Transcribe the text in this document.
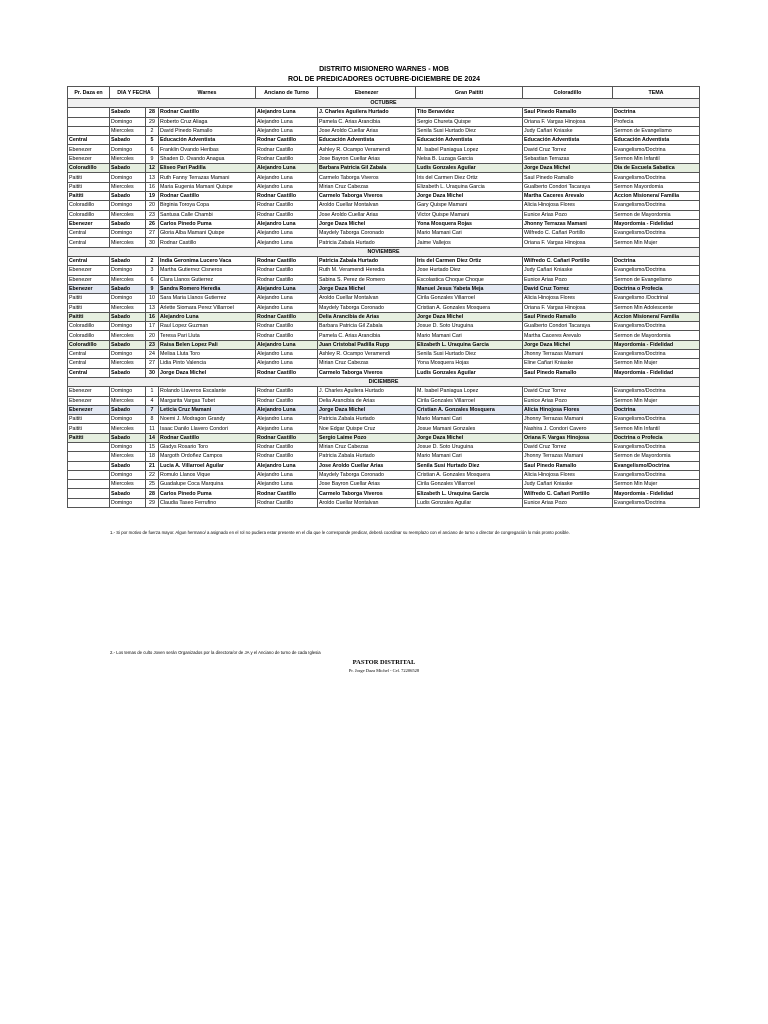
DISTRITO MISIONERO WARNES - MOB
ROL DE PREDICADORES OCTUBRE-DICIEMBRE DE 2024
Pr. Daza en	DIA Y FECHA		Warnes	Anciano de Turno	Ebenezer	Gran Paititi	Coloradillo	TEMA
OCTUBRE								
	Sabado	28	Rodnar Castillo	Alejandro Luna	J. Charles Aguilera Hurtado	Tito Benavidez	Saul Pinedo Ramallo	Doctrina
	Domingo	29	Roberto Cruz Aliaga	Alejandro Luna	Pamela C. Arias Arancibia	Sergio Chureta Quispe	Oriana F. Vargas Hinojosa	Profecia
	Miercoles	2	David Pinedo Ramallo	Alejandro Luna	Jose Aroldo Cuellar Arias	Senila Susi Hurtado Diez	Judy Cañari Kniaske	Sermon de Evangelismo
Central	Sabado	5	Educación Adventista	Rodnar Castillo	Educación Adventista	Educación Adventista	Educación Adventista	Educación Adventista
Ebenezer	Domingo	6	Franklin Ovando Heribas	Rodnar Castillo	Ashley R. Ocampo Veramendi	M. Isabel Paniagua Lopez	David Cruz Torrez	Evangelismo/Doctrina
Ebenezer	Miercoles	9	Shaden D. Ovando Anagua	Rodnar Castillo	Jose Bayron Cuellar Arias	Nelsa B. Luzaga Garcia	Sebastian Terrazas	Sermon Min Infantil
Coloradillo	Sabado	12	Eliseo Pari Padilla	Alejandro Luna	Barbara Patricia Gil Zabala	Ludis Gonzales Aguilar	Jorge Daza Michel	Dia de Escuela Sabatica
Paititi	Domingo	13	Ruth Fanny Terrazas Mamani	Alejandro Luna	Carmelo Taborga Viveros	Iris del Carmen Diez Ortiz	Saul Pinedo Ramallo	Evangelismo/Doctrina
Paititi	Miercoles	16	Maria Eugenia Mamani Quispe	Alejandro Luna	Mirian Cruz Cabezas	Elizabeth L. Uraquina Garcia	Gualberto Condori Tacaraya	Sermon Mayordomia
Paititi	Sabado	19	Rodnar Castillo	Rodnar Castillo	Carmelo Taborga Viveros	Jorge Daza Michel	Martha Caceres Arevalo	Accion Misionera/ Familia
Coloradillo	Domingo	20	Birginia Toroya Copa	Rodnar Castillo	Aroldo Cuellar Montalvan	Gary Quispe Mamani	Alicia Hinojosa Flores	Evangelismo/Doctrina
Coloradillo	Miercoles	23	Santusa Calle Chambi	Rodnar Castillo	Jose Aroldo Cuellar Arias	Victor Quispe Mamani	Eunice Arias Pozo	Sermon de Mayordomia
Ebenezer	Sabado	26	Carlos Pinedo Puma	Alejandro Luna	Jorge Daza Michel	Yona Mosquera Rojas	Jhonny Terrazas Mamani	Mayordomia - Fidelidad
Central	Domingo	27	Gloria Alba Mamani Quispe	Alejandro Luna	Maydely Taborga Coronado	Mario Mamani Cari	Wilfredo C. Cañari Portillo	Evangelismo/Doctrina
Central	Miercoles	30	Rodnar Castillo	Alejandro Luna	Patricia Zabala Hurtado	Jaime Vallejos	Oriana F. Vargas Hinojosa	Sermon Min Mujer
NOVIEMBRE								
Central	Sabado	2	India Geronima Lucero Vaca	Rodnar Castillo	Patricia Zabala Hurtado	Iris del Carmen Diez Ortiz	Wilfredo C. Cañari Portillo	Doctrina
Ebenezer	Domingo	3	Martha Gutierrez Cisneros	Rodnar Castillo	Ruth M. Veramendi Heredia	Jose Hurtado Diez	Judy Cañari Kniaske	Evangelismo/Doctrina
Ebenezer	Miercoles	6	Clara Llanos Gutierrez	Rodnar Castillo	Sabina S. Perez de Romero	Escolastica Choque Choque	Eunice Arias Pozo	Sermon de Evangelismo
Ebenezer	Sabado	9	Sandra Romero Heredia	Alejandro Luna	Jorge Daza Michel	Manuel Jesus Yabeta Meja	David Cruz Torrez	Doctrina o Profecia
Paititi	Domingo	10	Sara Maria Llanos Gutierrez	Alejandro Luna	Aroldo Cuellar Montalvan	Cirila Gonzales Villarroel	Alicia Hinojosa Flores	Evangelismo /Doctrinal
Paititi	Miercoles	13	Arlette Siomara Perez Villarroel	Alejandro Luna	Maydely Taborga Coronado	Cristian A. Gonzales Mosquera	Oriana F. Vargas Hinojosa	Sermon Min Adolescente
Paititi	Sabado	16	Alejandro Luna	Rodnar Castillo	Delia Arancibia de Arias	Jorge Daza Michel	Saul Pinedo Ramallo	Accion Misionera/ Familia
Coloradillo	Domingo	17	Raul Lopez Guzman	Rodnar Castillo	Barbara Patricia Gil Zabala	Josue D. Soto Uruguina	Gualberto Condori Tacaraya	Evangelismo/Doctrina
Coloradillo	Miercoles	20	Teresa Pari Lluta	Rodnar Castillo	Pamela C. Arias Arancibia	Mario Mamani Cari	Martha Caceres Arevalo	Sermon de Mayordomia
Coloradillo	Sabado	23	Raisa Belen Lopez Pali	Alejandro Luna	Juan Cristobal Padilla Rupp	Elizabeth L. Uraquina Garcia	Jorge Daza Michel	Mayordomia - Fidelidad
Central	Domingo	24	Melisa Lluta Toro	Alejandro Luna	Ashley R. Ocampo Veramendi	Senila Susi Hurtado Diez	Jhonny Terrazas Mamani	Evangelismo/Doctrina
Central	Miercoles	27	Lidia Pinto Valencia	Alejandro Luna	Mirian Cruz Cabezas	Yona Mosquera Hojas	Eline Cañari Kniaske	Sermon Min Mujer
Central	Sabado	30	Jorge Daza Michel	Rodnar Castillo	Carmelo Taborga Viveros	Ludis Gonzales Aguilar	Saul Pinedo Ramallo	Mayordomia - Fidelidad
DICIEMBRE								
Ebenezer	Domingo	1	Rolando Llaveros Escalante	Rodnar Castillo	J. Charles Aguilera Hurtado	M. Isabel Paniagua Lopez	David Cruz Torrez	Evangelismo/Doctrina
Ebenezer	Miercoles	4	Margarita Vargas Tubet	Rodnar Castillo	Delia Arancibia de Arias	Cirila Gonzales Villarroel	Eunice Arias Pozo	Sermon Min Mujer
Ebenezer	Sabado	7	Leticia Cruz Mamani	Alejandro Luna	Jorge Daza Michel	Cristian A. Gonzales Mosquera	Alicia Hinojosa Flores	Doctrina
Paititi	Domingo	8	Noemi J. Modragon Grandy	Alejandro Luna	Patricia Zabala Hurtado	Mario Mamani Cari	Jhonny Terrazas Mamani	Evangelismo/Doctrina
Paititi	Miercoles	11	Isaac Danilo Llavero Condori	Alejandro Luna	Noe Edgar Quispe Cruz	Josue Mamani Gonzales	Nashira J. Condori Cavero	Sermon Min Infantil
Paititi	Sabado	14	Rodnar Castillo	Rodnar Castillo	Sergio Laime Pozo	Jorge Daza Michel	Oriana F. Vargas Hinojosa	Doctrina o Profecia
	Domingo	15	Gladys Rosario Toro	Rodnar Castillo	Mirian Cruz Cabezas	Josue D. Soto Uruguina	David Cruz Torrez	Evangelismo/Doctrina
	Miercoles	18	Margoth Ordoñez Campos	Rodnar Castillo	Patricia Zabala Hurtado	Mario Mamani Cari	Jhonny Terrazas Mamani	Sermon de Mayordomia
	Sabado	21	Lucia A. Villarroel Aguilar	Alejandro Luna	Jose Aroldo Cuellar Arias	Senila Susi Hurtado Diez	Saul Pinedo Ramallo	Evangelismo/Doctrina
	Domingo	22	Romulo Llanos Vique	Alejandro Luna	Maydely Taborga Coronado	Cristian A. Gonzales Mosquera	Alicia Hinojosa Flores	Evangelismo/Doctrina
	Miercoles	25	Guadalupe Coca Marquina	Alejandro Luna	Jose Bayron Cuellar Arias	Cirila Gonzales Villarroel	Judy Cañari Kniaske	Sermon Min Mujer
	Sabado	28	Carlos Pinedo Puma	Rodnar Castillo	Carmelo Taborga Viveros	Elizabeth L. Uraquina Garcia	Wilfredo C. Cañari Portillo	Mayordomia - Fidelidad
	Domingo	29	Claudia Taseo Ferrufino	Rodnar Castillo	Aroldo Cuellar Montalvan	Ludis Gonzales Aguilar	Eunice Arias Pozo	Evangelismo/Doctrina
1.- Si por motivo de fuerza mayor. Algun hermano/ a asignado en el rol no pudiera estar presente en el día que le corresponde predicar, deberá coordinar su reemplazo con el anciano de turno o director de congregación lo más pronto posible.
2.- Los temas de culto Joven serán Organizados por la directora/or de JA y el Anciano de turno de cada Iglesia
PASTOR DISTRITAL
Pr. Jorge Daza Michel - Cel. 72206528
